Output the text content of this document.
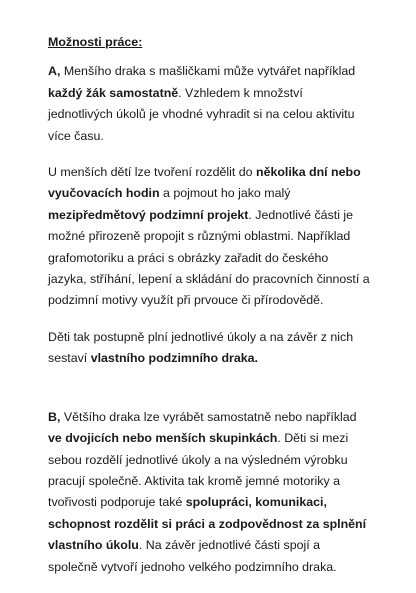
Možnosti práce:

A, Menšího draka s mašličkami může vytvářet například každý žák samostatně. Vzhledem k množství jednotlivých úkolů je vhodné vyhradit si na celou aktivitu více času.

U menších dětí lze tvoření rozdělit do několika dní nebo vyučovacích hodin a pojmout ho jako malý mezipředmětový podzimní projekt. Jednotlivé části je možné přirozeně propojit s různými oblastmi. Například grafomotoriku a práci s obrázky zařadit do českého jazyka, stříhání, lepení a skládání do pracovních činností a podzimní motivy využít při prvouce či přírodovědě.

Děti tak postupně plní jednotlivé úkoly a na závěr z nich sestaví vlastního podzimního draka.

B, Většího draka lze vyrábět samostatně nebo například ve dvojicích nebo menších skupinkách. Děti si mezi sebou rozdělí jednotlivé úkoly a na výsledném výrobku pracují společně. Aktivita tak kromě jemné motoriky a tvořivosti podporuje také spolupráci, komunikaci, schopnost rozdělit si práci a zodpovědnost za splnění vlastního úkolu. Na závěr jednotlivé části spojí a společně vytvoří jednoho velkého podzimního draka.
